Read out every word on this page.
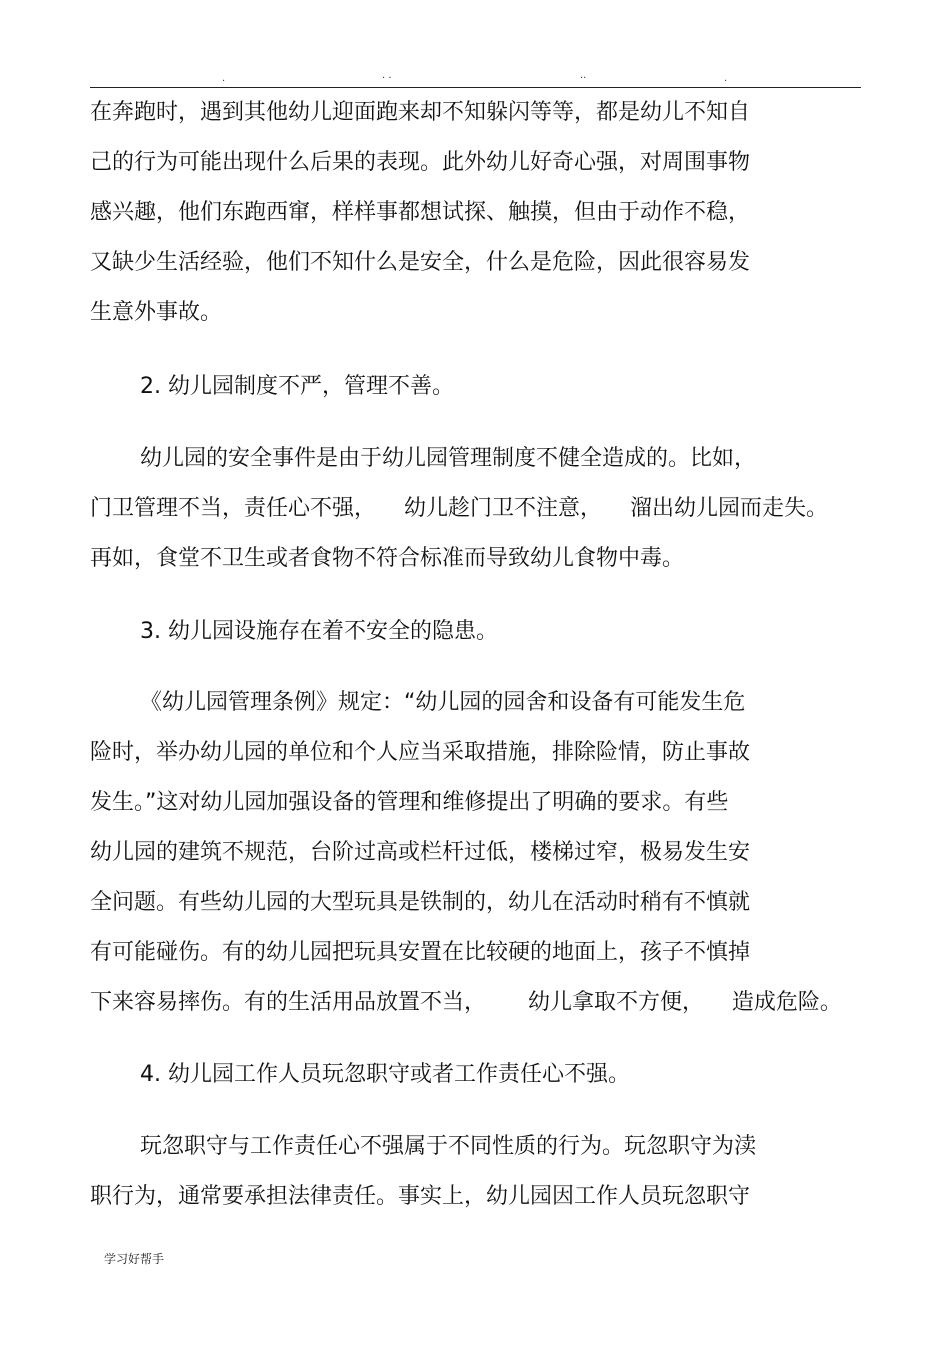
.	· ·	··	.
在奔跑时，遇到其他幼儿迎面跑来却不知躲闪等等，都是幼儿不知自
己的行为可能出现什么后果的表现。此外幼儿好奇心强，对周围事物
感兴趣，他们东跑西窜，样样事都想试探、触摸，但由于动作不稳，
又缺少生活经验，他们不知什么是安全，什么是危险，因此很容易发
生意外事故。
2. 幼儿园制度不严，管理不善。
幼儿园的安全事件是由于幼儿园管理制度不健全造成的。比如，
门卫管理不当，责任心不强，    幼儿趁门卫不注意，    溜出幼儿园而走失。
再如，食堂不卫生或者食物不符合标准而导致幼儿食物中毒。
3. 幼儿园设施存在着不安全的隐患。
《幼儿园管理条例》规定：“幼儿园的园舍和设备有可能发生危
险时，举办幼儿园的单位和个人应当采取措施，排除险情，防止事故
发生。”这对幼儿园加强设备的管理和维修提出了明确的要求。有些
幼儿园的建筑不规范，台阶过高或栏杆过低，楼梯过窄，极易发生安
全问题。有些幼儿园的大型玩具是铁制的，幼儿在活动时稍有不慎就
有可能碰伤。有的幼儿园把玩具安置在比较硬的地面上，孩子不慎掉
下来容易摔伤。有的生活用品放置不当，      幼儿拿取不方便，    造成危险。
4. 幼儿园工作人员玩忽职守或者工作责任心不强。
玩忽职守与工作责任心不强属于不同性质的行为。玩忽职守为渎
职行为，通常要承担法律责任。事实上，幼儿园因工作人员玩忽职守
学习好帮手
